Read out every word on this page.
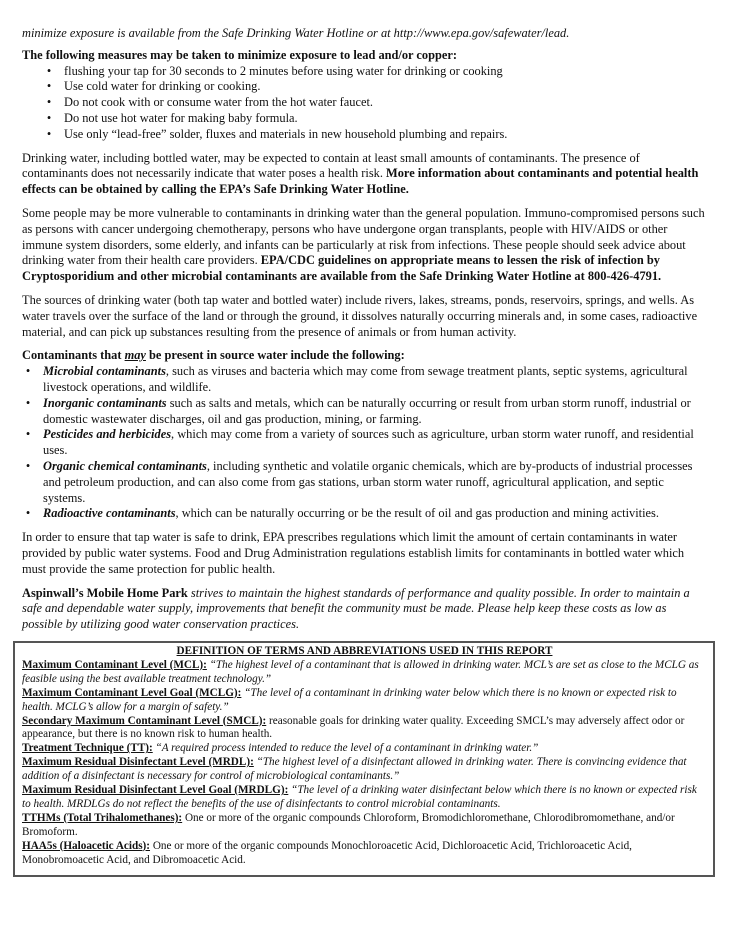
minimize exposure is available from the Safe Drinking Water Hotline or at http://www.epa.gov/safewater/lead.

The following measures may be taken to minimize exposure to lead and/or copper:

•	flushing your tap for 30 seconds to 2 minutes before using water for drinking or cooking
•	Use cold water for drinking or cooking.
•	Do not cook with or consume water from the hot water faucet.
•	Do not use hot water for making baby formula.
•	Use only “lead-free” solder, fluxes and materials in new household plumbing and repairs.

Drinking water, including bottled water, may be expected to contain at least small amounts of contaminants. The presence of contaminants does not necessarily indicate that water poses a health risk. More information about contaminants and potential health effects can be obtained by calling the EPA’s Safe Drinking Water Hotline.

Some people may be more vulnerable to contaminants in drinking water than the general population. Immuno-compromised persons such as persons with cancer undergoing chemotherapy, persons who have undergone organ transplants, people with HIV/AIDS or other immune system disorders, some elderly, and infants can be particularly at risk from infections. These people should seek advice about drinking water from their health care providers. EPA/CDC guidelines on appropriate means to lessen the risk of infection by Cryptosporidium and other microbial contaminants are available from the Safe Drinking Water Hotline at 800-426-4791.

The sources of drinking water (both tap water and bottled water) include rivers, lakes, streams, ponds, reservoirs, springs, and wells. As water travels over the surface of the land or through the ground, it dissolves naturally occurring minerals and, in some cases, radioactive material, and can pick up substances resulting from the presence of animals or from human activity.

Contaminants that may be present in source water include the following:

•	Microbial contaminants, such as viruses and bacteria which may come from sewage treatment plants, septic systems, agricultural livestock operations, and wildlife.
•	Inorganic contaminants such as salts and metals, which can be naturally occurring or result from urban storm runoff, industrial or domestic wastewater discharges, oil and gas production, mining, or farming.
•	Pesticides and herbicides, which may come from a variety of sources such as agriculture, urban storm water runoff, and residential uses.
•	Organic chemical contaminants, including synthetic and volatile organic chemicals, which are by-products of industrial processes and petroleum production, and can also come from gas stations, urban storm water runoff, agricultural application, and septic systems.
•	Radioactive contaminants, which can be naturally occurring or be the result of oil and gas production and mining activities.

In order to ensure that tap water is safe to drink, EPA prescribes regulations which limit the amount of certain contaminants in water provided by public water systems. Food and Drug Administration regulations establish limits for contaminants in bottled water which must provide the same protection for public health.

Aspinwall’s Mobile Home Park strives to maintain the highest standards of performance and quality possible. In order to maintain a safe and dependable water supply, improvements that benefit the community must be made. Please help keep these costs as low as possible by utilizing good water conservation practices.

DEFINITION OF TERMS AND ABBREVIATIONS USED IN THIS REPORT

Maximum Contaminant Level (MCL): “The highest level of a contaminant that is allowed in drinking water. MCL’s are set as close to the MCLG as feasible using the best available treatment technology.”

Maximum Contaminant Level Goal (MCLG): “The level of a contaminant in drinking water below which there is no known or expected risk to health. MCLG’s allow for a margin of safety.”

Secondary Maximum Contaminant Level (SMCL): reasonable goals for drinking water quality. Exceeding SMCL’s may adversely affect odor or appearance, but there is no known risk to human health.

Treatment Technique (TT): “A required process intended to reduce the level of a contaminant in drinking water.”

Maximum Residual Disinfectant Level (MRDL): “The highest level of a disinfectant allowed in drinking water. There is convincing evidence that addition of a disinfectant is necessary for control of microbiological contaminants.”

Maximum Residual Disinfectant Level Goal (MRDLG): “The level of a drinking water disinfectant below which there is no known or expected risk to health. MRDLGs do not reflect the benefits of the use of disinfectants to control microbial contaminants.

TTHMs (Total Trihalomethanes): One or more of the organic compounds Chloroform, Bromodichloromethane, Chlorodibromomethane, and/or Bromoform.

HAA5s (Haloacetic Acids): One or more of the organic compounds Monochloroacetic Acid, Dichloroacetic Acid, Trichloroacetic Acid, Monobromoacetic Acid, and Dibromoacetic Acid.
